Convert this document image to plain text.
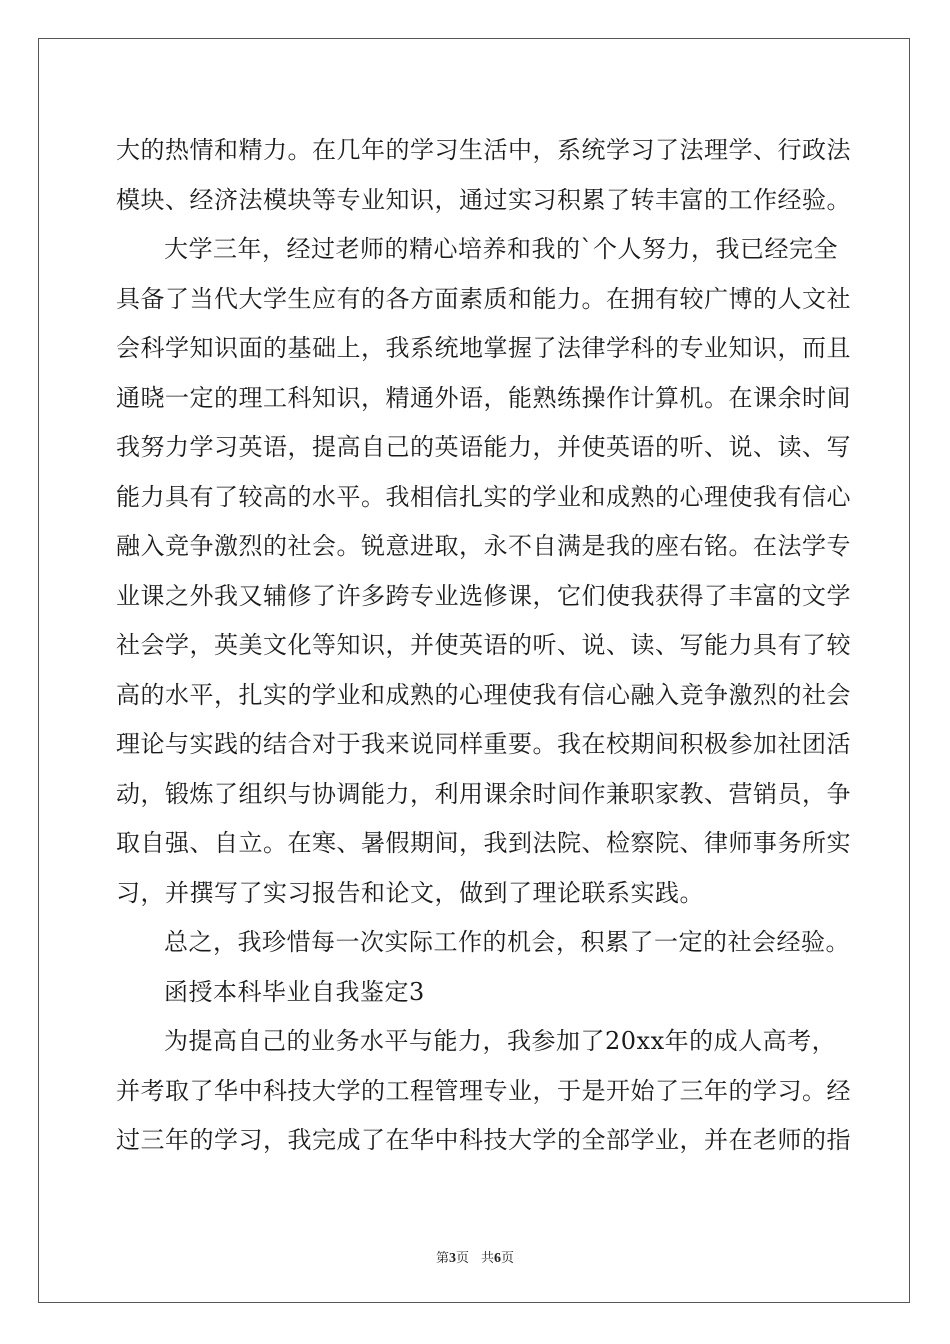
大的热情和精力。在几年的学习生活中，系统学习了法理学、行政法
模块、经济法模块等专业知识，通过实习积累了转丰富的工作经验。
大学三年，经过老师的精心培养和我的`个人努力，我已经完全
具备了当代大学生应有的各方面素质和能力。在拥有较广博的人文社
会科学知识面的基础上，我系统地掌握了法律学科的专业知识，而且
通晓一定的理工科知识，精通外语，能熟练操作计算机。在课余时间
我努力学习英语，提高自己的英语能力，并使英语的听、说、读、写
能力具有了较高的水平。我相信扎实的学业和成熟的心理使我有信心
融入竞争激烈的社会。锐意进取，永不自满是我的座右铭。在法学专
业课之外我又辅修了许多跨专业选修课，它们使我获得了丰富的文学
社会学，英美文化等知识，并使英语的听、说、读、写能力具有了较
高的水平，扎实的学业和成熟的心理使我有信心融入竞争激烈的社会
理论与实践的结合对于我来说同样重要。我在校期间积极参加社团活
动，锻炼了组织与协调能力，利用课余时间作兼职家教、营销员，争
取自强、自立。在寒、暑假期间，我到法院、检察院、律师事务所实
习，并撰写了实习报告和论文，做到了理论联系实践。
总之，我珍惜每一次实际工作的机会，积累了一定的社会经验。
函授本科毕业自我鉴定3
为提高自己的业务水平与能力，我参加了20xx年的成人高考，
并考取了华中科技大学的工程管理专业，于是开始了三年的学习。经
过三年的学习，我完成了在华中科技大学的全部学业，并在老师的指
第3页 共6页
